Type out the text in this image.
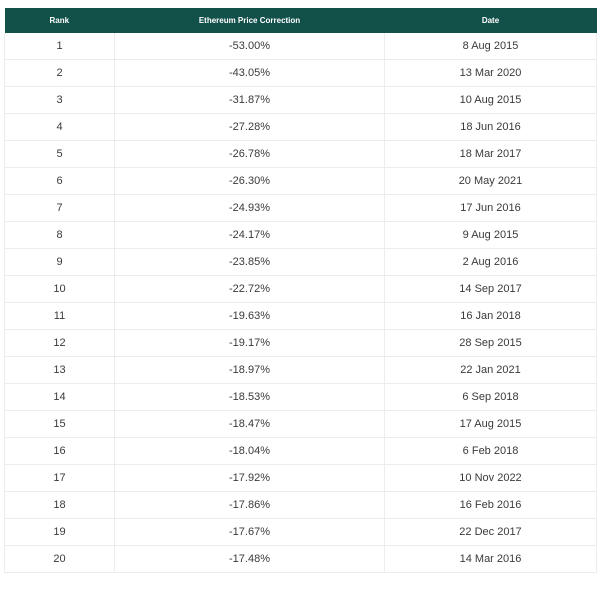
Rank	Ethereum Price Correction	Date
1	-53.00%	8 Aug 2015
2	-43.05%	13 Mar 2020
3	-31.87%	10 Aug 2015
4	-27.28%	18 Jun 2016
5	-26.78%	18 Mar 2017
6	-26.30%	20 May 2021
7	-24.93%	17 Jun 2016
8	-24.17%	9 Aug 2015
9	-23.85%	2 Aug 2016
10	-22.72%	14 Sep 2017
11	-19.63%	16 Jan 2018
12	-19.17%	28 Sep 2015
13	-18.97%	22 Jan 2021
14	-18.53%	6 Sep 2018
15	-18.47%	17 Aug 2015
16	-18.04%	6 Feb 2018
17	-17.92%	10 Nov 2022
18	-17.86%	16 Feb 2016
19	-17.67%	22 Dec 2017
20	-17.48%	14 Mar 2016
